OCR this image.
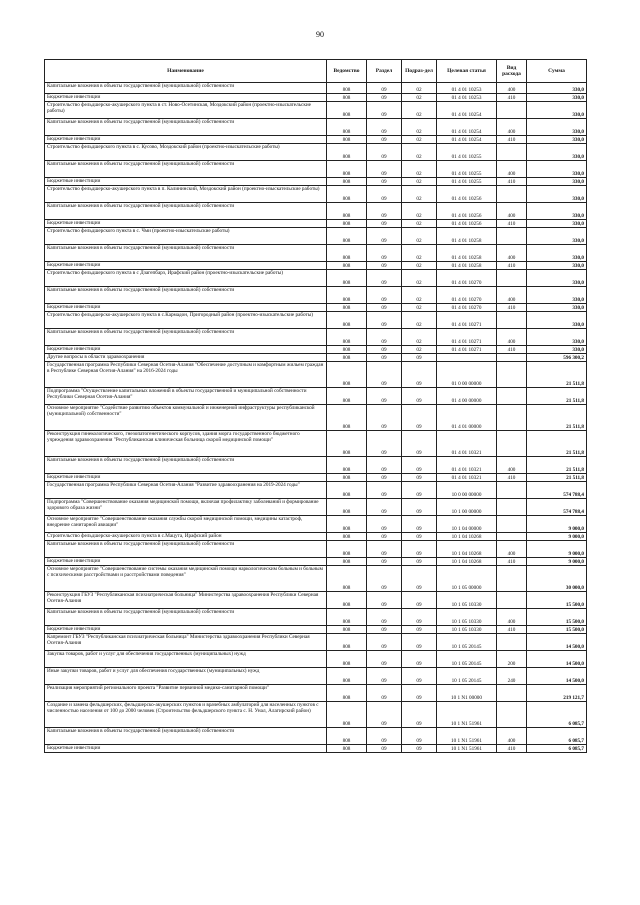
90
Наименование	Ведомство	Раздел	Подраз-дел	Целевая статья	Вид расхода	Сумма
Капитальные вложения в объекты государственной (муниципальной) собственности	808	09	02	01 4 01 10253	400	330,0
Бюджетные инвестиции	808	09	02	01 4 01 10253	410	330,0
Строительство фельдшерско-акушерского пункта в ст. Ново-Осетинская, Моздокский район (проектно-изыскательские работы)	808	09	02	01 4 01 10254		330,0
Капитальные вложения в объекты государственной (муниципальной) собственности	808	09	02	01 4 01 10254	400	330,0
Бюджетные инвестиции	808	09	02	01 4 01 10254	410	330,0
Строительство фельдшерского пункта в с. Кусово, Моздокский район (проектно-изыскательские работы)	808	09	02	01 4 01 10255		330,0
Капитальные вложения в объекты государственной (муниципальной) собственности	808	09	02	01 4 01 10255	400	330,0
Бюджетные инвестиции	808	09	02	01 4 01 10255	410	330,0
Строительство фельдшерско-акушерского пункта в п. Калининский, Моздокский район (проектно-изыскательские работы)	808	09	02	01 4 01 10256		330,0
Капитальные вложения в объекты государственной (муниципальной) собственности	808	09	02	01 4 01 10256	400	330,0
Бюджетные инвестиции	808	09	02	01 4 01 10256	410	330,0
Строительство фельдшерского пункта в с. Чми (проектно-изыскательские работы)	808	09	02	01 4 01 10258		330,0
Капитальные вложения в объекты государственной (муниципальной) собственности	808	09	02	01 4 01 10258	400	330,0
Бюджетные инвестиции	808	09	02	01 4 01 10258	410	330,0
Строительство фельдшерского пункта в с Дзагепбарз, Ирафский район (проектно-изыскательские работы)	808	09	02	01 4 01 10270		330,0
Капитальные вложения в объекты государственной (муниципальной) собственности	808	09	02	01 4 01 10270	400	330,0
Бюджетные инвестиции	808	09	02	01 4 01 10270	410	330,0
Строительство фельдшерско-акушерского пункта в с.Кармадон, Пригородный район (проектно-изыскательские работы)	808	09	02	01 4 01 10271		330,0
Капитальные вложения в объекты государственной (муниципальной) собственности	808	09	02	01 4 01 10271	400	330,0
Бюджетные инвестиции	808	09	02	01 4 01 10271	410	330,0
Другие вопросы в области здравоохранения	808	09	09			596 300,2
Государственная программа Республики Северная Осетия-Алания "Обеспечение доступным и комфортным жильем граждан в Республике Северная Осетия-Алания" на 2016-2024 годы	808	09	09	01 0 00 00000		21 511,8
Подпрограмма "Осуществление капитальных вложений в объекты государственной и муниципальной собственности Республики Северная Осетия-Алания"	808	09	09	01 4 00 00000		21 511,8
Основное мероприятие "Содействие развитию объектов коммунальной и инженерной инфраструктуры республиканской (муниципальной) собственности"	808	09	09	01 4 01 00000		21 511,8
Реконструкция гинекологического, гнезопатогенетического корпусов, здания морга государственного бюджетного учреждения здравоохранения "Республиканская клиническая больница скорой медицинской помощи"	808	09	09	01 4 01 10321		21 511,8
Капитальные вложения в объекты государственной (муниципальной) собственности	808	09	09	01 4 01 10321	400	21 511,8
Бюджетные инвестиции	808	09	09	01 4 01 10321	410	21 511,8
Государственная программа Республики Северная Осетия-Алания "Развитие здравоохранения на 2019-2024 годы"	808	09	09	10 0 00 00000		574 788,4
Подпрограмма "Совершенствование оказания медицинской помощи, включая профилактику заболеваний и формирование здорового образа жизни"	808	09	09	10 1 00 00000		574 788,4
Основное мероприятие "Совершенствование оказания службы скорой медицинской помощи, медицины катастроф, внедрение санитарной авиации"	808	09	09	10 1 04 00000		9 000,0
Строительство фельдшерско-акушерского пункта в с.Мацута, Ирафский район	808	09	09	10 1 04 10268		9 000,0
Капитальные вложения в объекты государственной (муниципальной) собственности	808	09	09	10 1 04 10268	400	9 000,0
Бюджетные инвестиции	808	09	09	10 1 04 10268	410	9 000,0
Основное мероприятие "Совершенствование системы оказания медицинской помощи наркологическим больным и больным с психическими расстройствами и расстройствами поведения"	808	09	09	10 1 05 00000		30 000,0
Реконструкция ГБУЗ "Республиканская психиатрическая больница" Министерства здравоохранения Республики Северная Осетия-Алания	808	09	09	10 1 05 10330		15 500,0
Капитальные вложения в объекты государственной (муниципальной) собственности	808	09	09	10 1 05 10330	400	15 500,0
Бюджетные инвестиции	808	09	09	10 1 05 10330	410	15 500,0
Капремонт ГБУЗ "Республиканская психиатрическая больница" Министерства здравоохранения Республики Северная Осетия-Алания	808	09	09	10 1 05 20145		14 500,0
Закупка товаров, работ и услуг для обеспечения государственных (муниципальных) нужд	808	09	09	10 1 05 20145	200	14 500,0
Иные закупки товаров, работ и услуг для обеспечения государственных (муниципальных) нужд	808	09	09	10 1 05 20145	240	14 500,0
Реализация мероприятий регионального проекта "Развитие первичной медико-санитарной помощи"	808	09	09	10 1 N1 00000		219 121,7
Создание и замена фельдшерских, фельдшерско-акушерских пунктов и врачебных амбулаторий для населенных пунктов с численностью населения от 100 до 2000 человек (Строительство фельдшерского пункта с. Н. Унал, Алагирский район)	808	09	09	10 1 N1 51961		6 085,7
Капитальные вложения в объекты государственной (муниципальной) собственности	808	09	09	10 1 N1 51961	400	6 085,7
Бюджетные инвестиции	808	09	09	10 1 N1 51961	410	6 085,7
